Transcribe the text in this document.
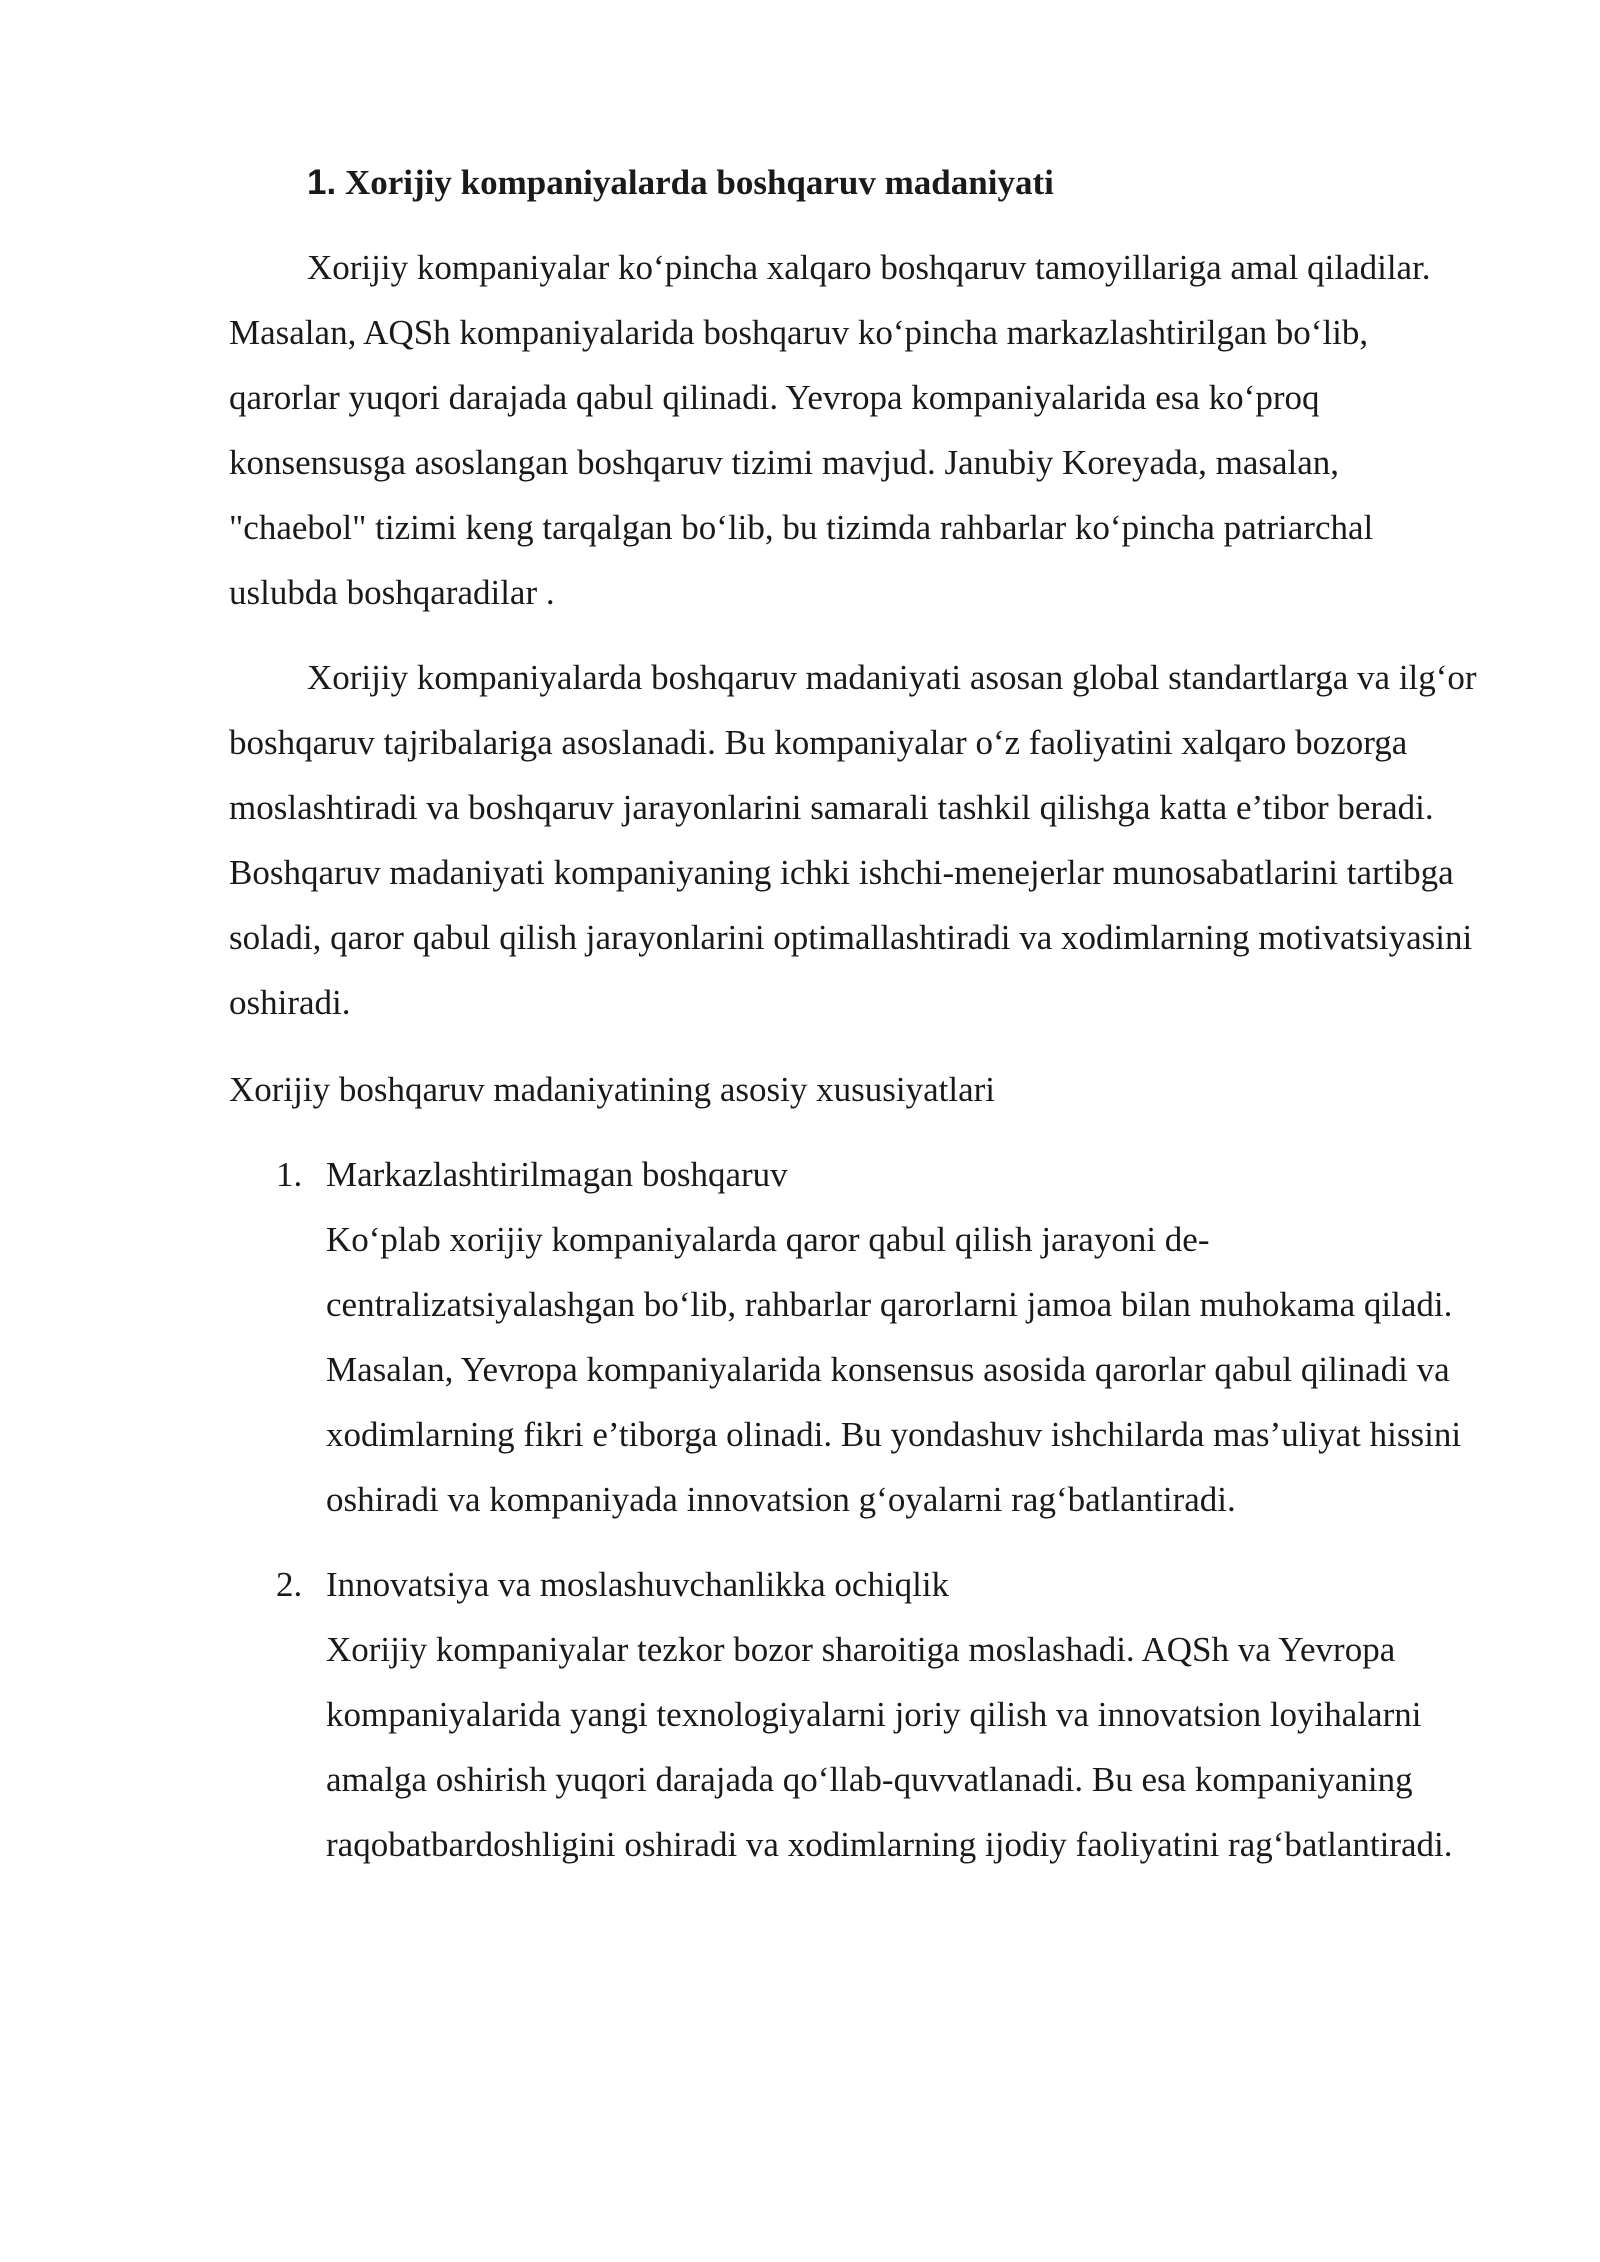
1. Xorijiy kompaniyalarda boshqaruv madaniyati

Xorijiy kompaniyalar ko‘pincha xalqaro boshqaruv tamoyillariga amal qiladilar. Masalan, AQSh kompaniyalarida boshqaruv ko‘pincha markazlashtirilgan bo‘lib, qarorlar yuqori darajada qabul qilinadi. Yevropa kompaniyalarida esa ko‘proq konsensusga asoslangan boshqaruv tizimi mavjud. Janubiy Koreyada, masalan, "chaebol" tizimi keng tarqalgan bo‘lib, bu tizimda rahbarlar ko‘pincha patriarchal uslubda boshqaradilar .

Xorijiy kompaniyalarda boshqaruv madaniyati asosan global standartlarga va ilg‘or boshqaruv tajribalariga asoslanadi. Bu kompaniyalar o‘z faoliyatini xalqaro bozorga moslashtiradi va boshqaruv jarayonlarini samarali tashkil qilishga katta e’tibor beradi. Boshqaruv madaniyati kompaniyaning ichki ishchi-menejerlar munosabatlarini tartibga soladi, qaror qabul qilish jarayonlarini optimallashtiradi va xodimlarning motivatsiyasini oshiradi.

Xorijiy boshqaruv madaniyatining asosiy xususiyatlari

1. Markazlashtirilmagan boshqaruv
Ko‘plab xorijiy kompaniyalarda qaror qabul qilish jarayoni de-centralizatsiyalashgan bo‘lib, rahbarlar qarorlarni jamoa bilan muhokama qiladi. Masalan, Yevropa kompaniyalarida konsensus asosida qarorlar qabul qilinadi va xodimlarning fikri e’tiborga olinadi. Bu yondashuv ishchilarda mas’uliyat hissini oshiradi va kompaniyada innovatsion g‘oyalarni rag‘batlantiradi.
2. Innovatsiya va moslashuvchanlikka ochiqlik
Xorijiy kompaniyalar tezkor bozor sharoitiga moslashadi. AQSh va Yevropa kompaniyalarida yangi texnologiyalarni joriy qilish va innovatsion loyihalarni amalga oshirish yuqori darajada qo‘llab-quvvatlanadi. Bu esa kompaniyaning raqobatbardoshligini oshiradi va xodimlarning ijodiy faoliyatini rag‘batlantiradi.
